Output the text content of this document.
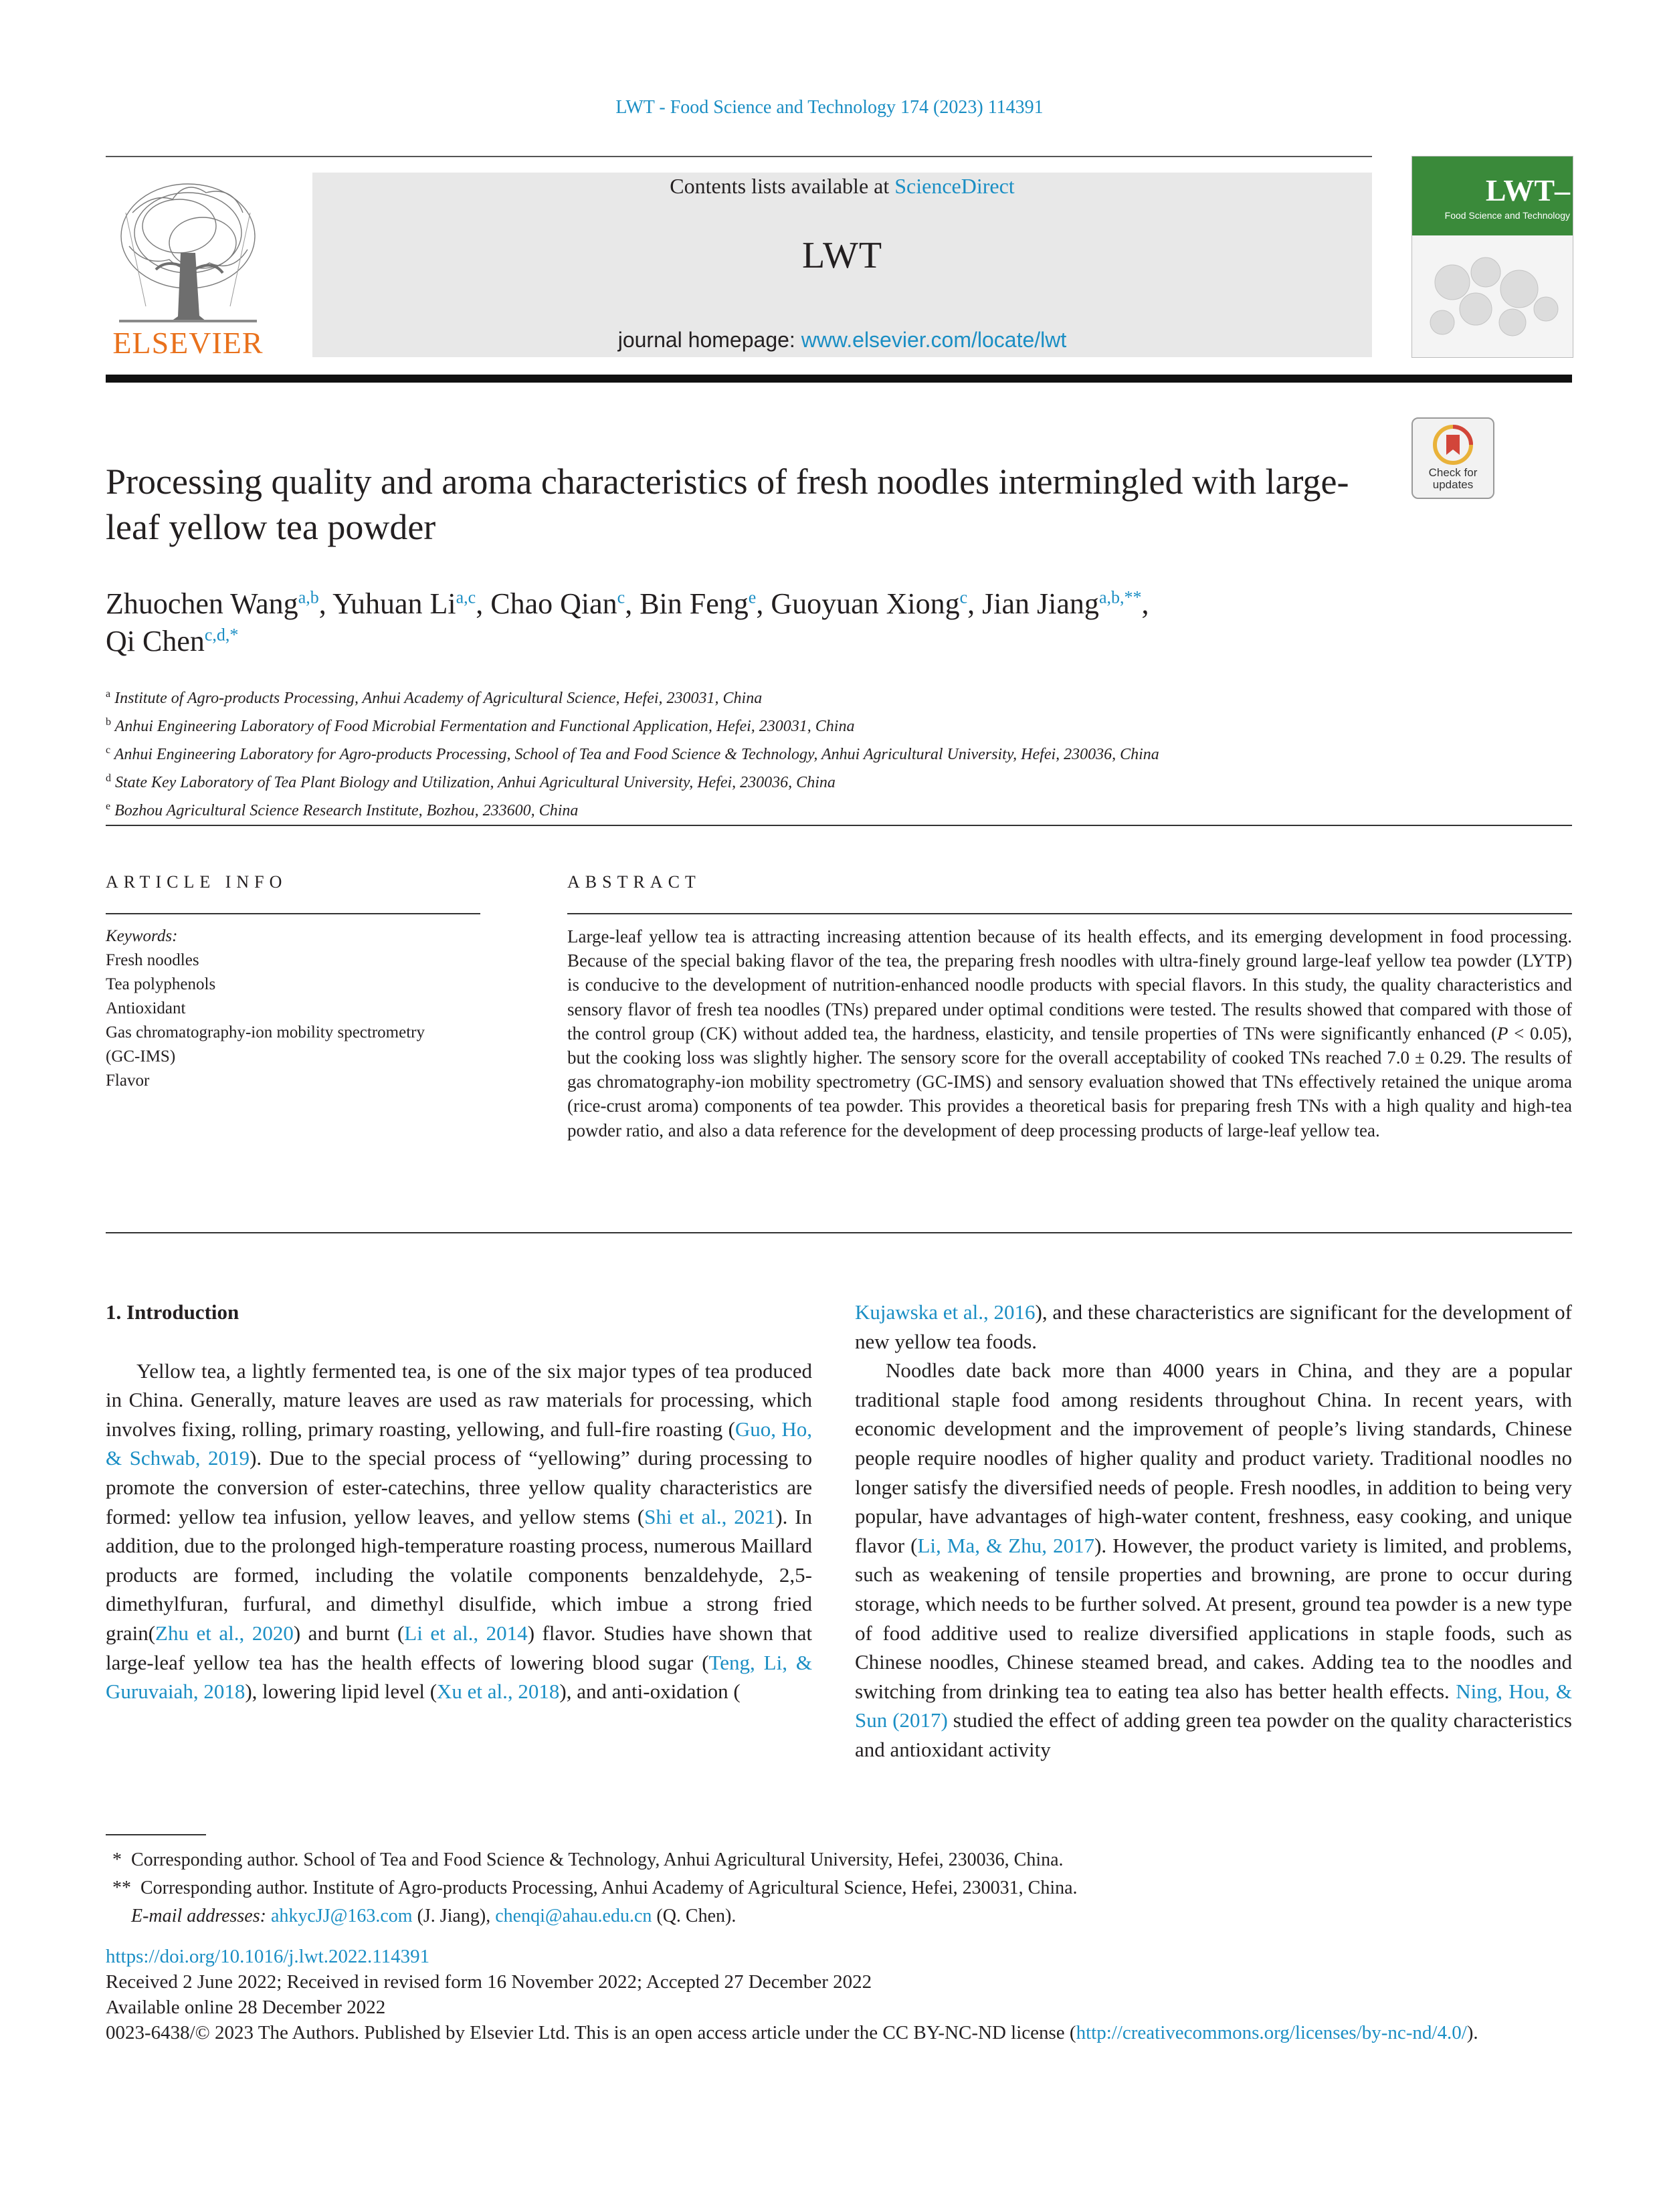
LWT - Food Science and Technology 174 (2023) 114391
ELSEVIER
Contents lists available at ScienceDirect
LWT
journal homepage: www.elsevier.com/locate/lwt
LWT–
Food Science and Technology
Processing quality and aroma characteristics of fresh noodles intermingled with large-leaf yellow tea powder
Check for updates
Zhuochen Wang$^{a,b}$, Yuhuan Li$^{a,c}$, Chao Qian$^c$, Bin Feng$^e$, Guoyuan Xiong$^c$, Jian Jiang$^{a,b,**}$,
Qi Chen$^{c,d,*}$
$^a$ Institute of Agro-products Processing, Anhui Academy of Agricultural Science, Hefei, 230031, China
$^b$ Anhui Engineering Laboratory of Food Microbial Fermentation and Functional Application, Hefei, 230031, China
$^c$ Anhui Engineering Laboratory for Agro-products Processing, School of Tea and Food Science & Technology, Anhui Agricultural University, Hefei, 230036, China
$^d$ State Key Laboratory of Tea Plant Biology and Utilization, Anhui Agricultural University, Hefei, 230036, China
$^e$ Bozhou Agricultural Science Research Institute, Bozhou, 233600, China
ARTICLE INFO
Keywords:
Fresh noodles
Tea polyphenols
Antioxidant
Gas chromatography-ion mobility spectrometry
(GC-IMS)
Flavor
ABSTRACT
Large-leaf yellow tea is attracting increasing attention because of its health effects, and its emerging development in food processing. Because of the special baking flavor of the tea, the preparing fresh noodles with ultra-finely ground large-leaf yellow tea powder (LYTP) is conducive to the development of nutrition-enhanced noodle products with special flavors. In this study, the quality characteristics and sensory flavor of fresh tea noodles (TNs) prepared under optimal conditions were tested. The results showed that compared with those of the control group (CK) without added tea, the hardness, elasticity, and tensile properties of TNs were significantly enhanced (P < 0.05), but the cooking loss was slightly higher. The sensory score for the overall acceptability of cooked TNs reached 7.0 ± 0.29. The results of gas chromatography-ion mobility spectrometry (GC-IMS) and sensory evaluation showed that TNs effectively retained the unique aroma (rice-crust aroma) components of tea powder. This provides a theoretical basis for preparing fresh TNs with a high quality and high-tea powder ratio, and also a data reference for the development of deep processing products of large-leaf yellow tea.
1. Introduction

Yellow tea, a lightly fermented tea, is one of the six major types of tea produced in China. Generally, mature leaves are used as raw materials for processing, which involves fixing, rolling, primary roasting, yellowing, and full-fire roasting (Guo, Ho, & Schwab, 2019). Due to the special process of “yellowing” during processing to promote the conversion of ester-catechins, three yellow quality characteristics are formed: yellow tea infusion, yellow leaves, and yellow stems (Shi et al., 2021). In addition, due to the prolonged high-temperature roasting process, numerous Maillard products are formed, including the volatile components benzaldehyde, 2,5-dimethylfuran, furfural, and dimethyl disulfide, which imbue a strong fried grain(Zhu et al., 2020) and burnt (Li et al., 2014) flavor. Studies have shown that large-leaf yellow tea has the health effects of lowering blood sugar (Teng, Li, & Guruvaiah, 2018), lowering lipid level (Xu et al., 2018), and anti-oxidation (

Kujawska et al., 2016), and these characteristics are significant for the development of new yellow tea foods.

Noodles date back more than 4000 years in China, and they are a popular traditional staple food among residents throughout China. In recent years, with economic development and the improvement of people’s living standards, Chinese people require noodles of higher quality and product variety. Traditional noodles no longer satisfy the diversified needs of people. Fresh noodles, in addition to being very popular, have advantages of high-water content, freshness, easy cooking, and unique flavor (Li, Ma, & Zhu, 2017). However, the product variety is limited, and problems, such as weakening of tensile properties and browning, are prone to occur during storage, which needs to be further solved. At present, ground tea powder is a new type of food additive used to realize diversified applications in staple foods, such as Chinese noodles, Chinese steamed bread, and cakes. Adding tea to the noodles and switching from drinking tea to eating tea also has better health effects. Ning, Hou, & Sun (2017) studied the effect of adding green tea powder on the quality characteristics and antioxidant activity

* Corresponding author. School of Tea and Food Science & Technology, Anhui Agricultural University, Hefei, 230036, China.

** Corresponding author. Institute of Agro-products Processing, Anhui Academy of Agricultural Science, Hefei, 230031, China.

E-mail addresses: ahkycJJ@163.com (J. Jiang), chenqi@ahau.edu.cn (Q. Chen).

https://doi.org/10.1016/j.lwt.2022.114391

Received 2 June 2022; Received in revised form 16 November 2022; Accepted 27 December 2022

Available online 28 December 2022

0023-6438/© 2023 The Authors. Published by Elsevier Ltd. This is an open access article under the CC BY-NC-ND license (http://creativecommons.org/licenses/by-nc-nd/4.0/).
